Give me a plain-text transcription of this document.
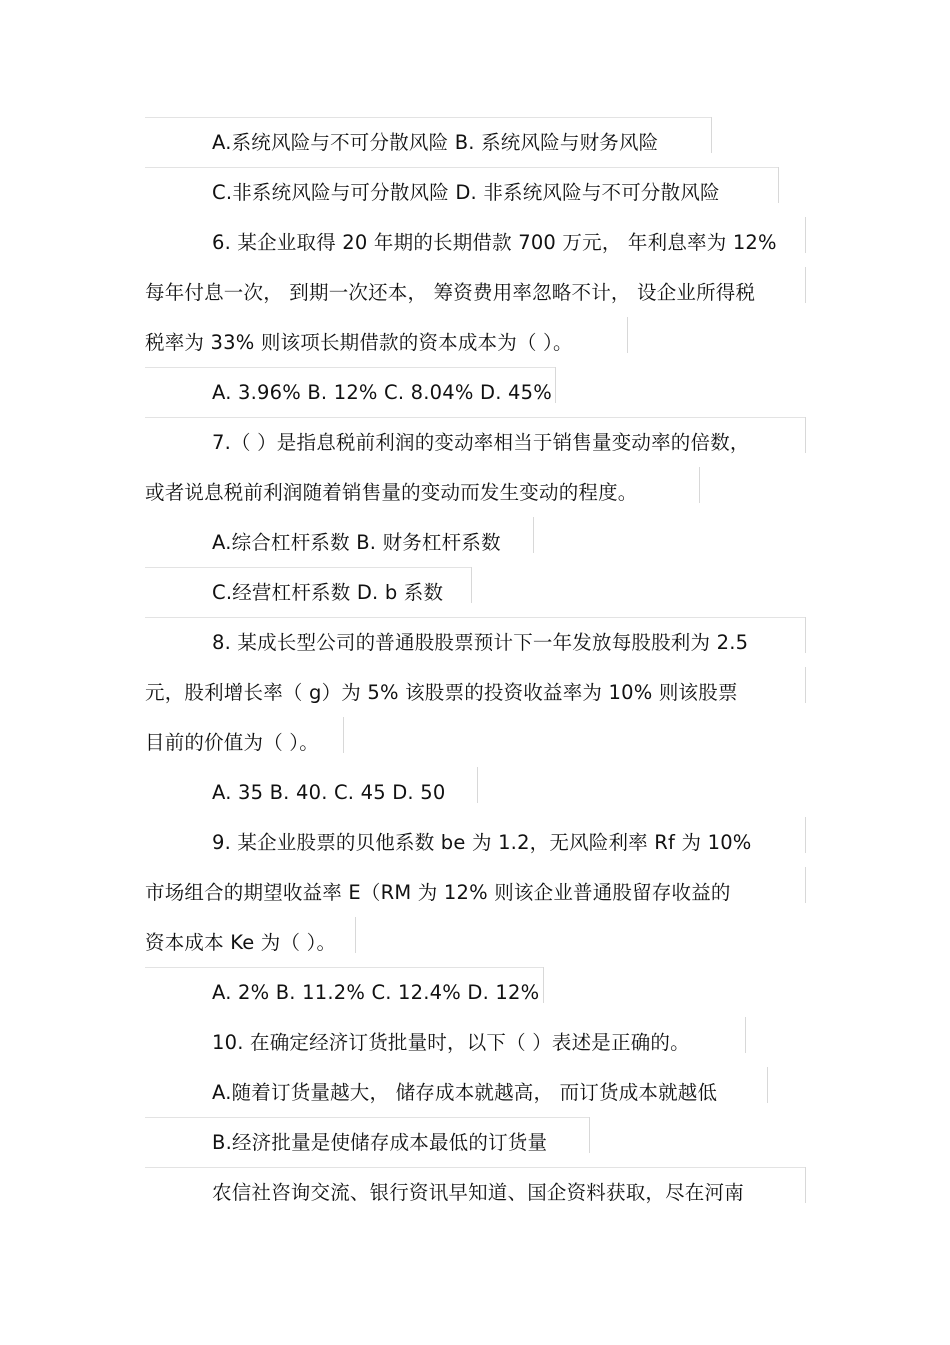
A.系统风险与不可分散风险 B. 系统风险与财务风险
C.非系统风险与可分散风险 D. 非系统风险与不可分散风险
6. 某企业取得 20 年期的长期借款 700 万元， 年利息率为 12%
每年付息一次， 到期一次还本， 筹资费用率忽略不计， 设企业所得税
税率为 33% 则该项长期借款的资本成本为（ ）。
A. 3.96% B. 12% C. 8.04% D. 45%
7.（ ）是指息税前利润的变动率相当于销售量变动率的倍数，
或者说息税前利润随着销售量的变动而发生变动的程度。
A.综合杠杆系数 B. 财务杠杆系数
C.经营杠杆系数 D. b 系数
8. 某成长型公司的普通股股票预计下一年发放每股股利为 2.5
元，股利增长率（ g）为 5% 该股票的投资收益率为 10% 则该股票
目前的价值为（ ）。
A. 35 B. 40. C. 45 D. 50
9. 某企业股票的贝他系数 be 为 1.2，无风险利率 Rf 为 10%
市场组合的期望收益率 E（RM 为 12% 则该企业普通股留存收益的
资本成本 Ke 为（ ）。
A. 2% B. 11.2% C. 12.4% D. 12%
10. 在确定经济订货批量时，以下（ ）表述是正确的。
A.随着订货量越大， 储存成本就越高， 而订货成本就越低
B.经济批量是使储存成本最低的订货量
农信社咨询交流、银行资讯早知道、国企资料获取，尽在河南
